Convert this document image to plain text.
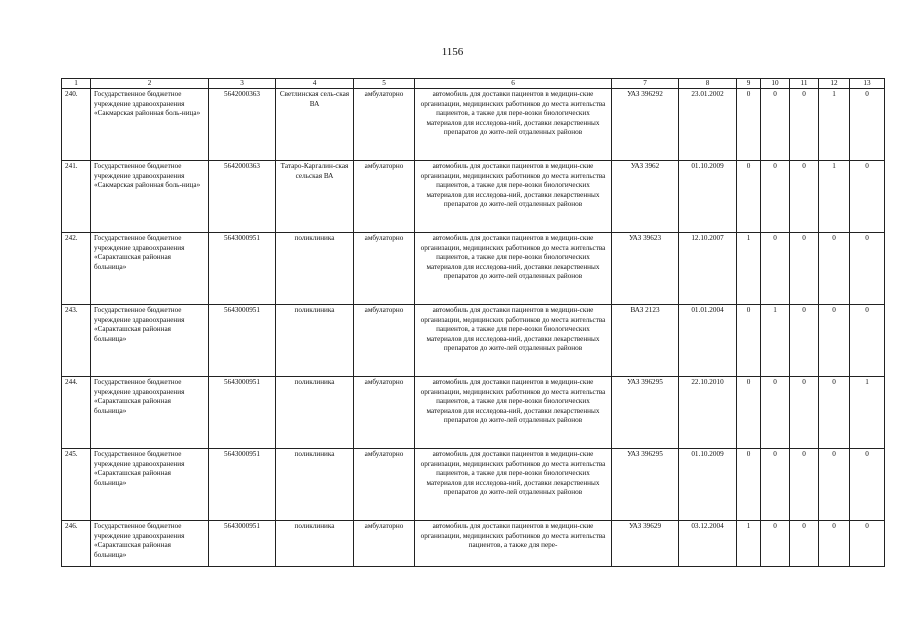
1156
1	2	3	4	5	6	7	8	9	10	11	12	13
240.	Государственное бюджетное учреждение здравоохранения «Сакмарская районная боль-ница»	5642000363	Светлинская сель-ская ВА	амбулаторно	автомобиль для доставки пациентов в медицин-ские организации, медицинских работников до места жительства пациентов, а также для пере-возки биологических материалов для исследова-ний, доставки лекарственных препаратов до жите-лей отдаленных районов	УАЗ 396292	23.01.2002	0	0	0	1	0
241.	Государственное бюджетное учреждение здравоохранения «Сакмарская районная боль-ница»	5642000363	Татаро-Каргалин-ская сельская ВА	амбулаторно	автомобиль для доставки пациентов в медицин-ские организации, медицинских работников до места жительства пациентов, а также для пере-возки биологических материалов для исследова-ний, доставки лекарственных препаратов до жите-лей отдаленных районов	УАЗ 3962	01.10.2009	0	0	0	1	0
242.	Государственное бюджетное учреждение здравоохранения «Саракташская районная больница»	5643000951	поликлиника	амбулаторно	автомобиль для доставки пациентов в медицин-ские организации, медицинских работников до места жительства пациентов, а также для пере-возки биологических материалов для исследова-ний, доставки лекарственных препаратов до жите-лей отдаленных районов	УАЗ 39623	12.10.2007	1	0	0	0	0
243.	Государственное бюджетное учреждение здравоохранения «Саракташская районная больница»	5643000951	поликлиника	амбулаторно	автомобиль для доставки пациентов в медицин-ские организации, медицинских работников до места жительства пациентов, а также для пере-возки биологических материалов для исследова-ний, доставки лекарственных препаратов до жите-лей отдаленных районов	ВАЗ 2123	01.01.2004	0	1	0	0	0
244.	Государственное бюджетное учреждение здравоохранения «Саракташская районная больница»	5643000951	поликлиника	амбулаторно	автомобиль для доставки пациентов в медицин-ские организации, медицинских работников до места жительства пациентов, а также для пере-возки биологических материалов для исследова-ний, доставки лекарственных препаратов до жите-лей отдаленных районов	УАЗ 396295	22.10.2010	0	0	0	0	1
245.	Государственное бюджетное учреждение здравоохранения «Саракташская районная больница»	5643000951	поликлиника	амбулаторно	автомобиль для доставки пациентов в медицин-ские организации, медицинских работников до места жительства пациентов, а также для пере-возки биологических материалов для исследова-ний, доставки лекарственных препаратов до жите-лей отдаленных районов	УАЗ 396295	01.10.2009	0	0	0	0	0
246.	Государственное бюджетное учреждение здравоохранения «Саракташская районная больница»	5643000951	поликлиника	амбулаторно	автомобиль для доставки пациентов в медицин-ские организации, медицинских работников до места жительства пациентов, а также для пере-	УАЗ 39629	03.12.2004	1	0	0	0	0
